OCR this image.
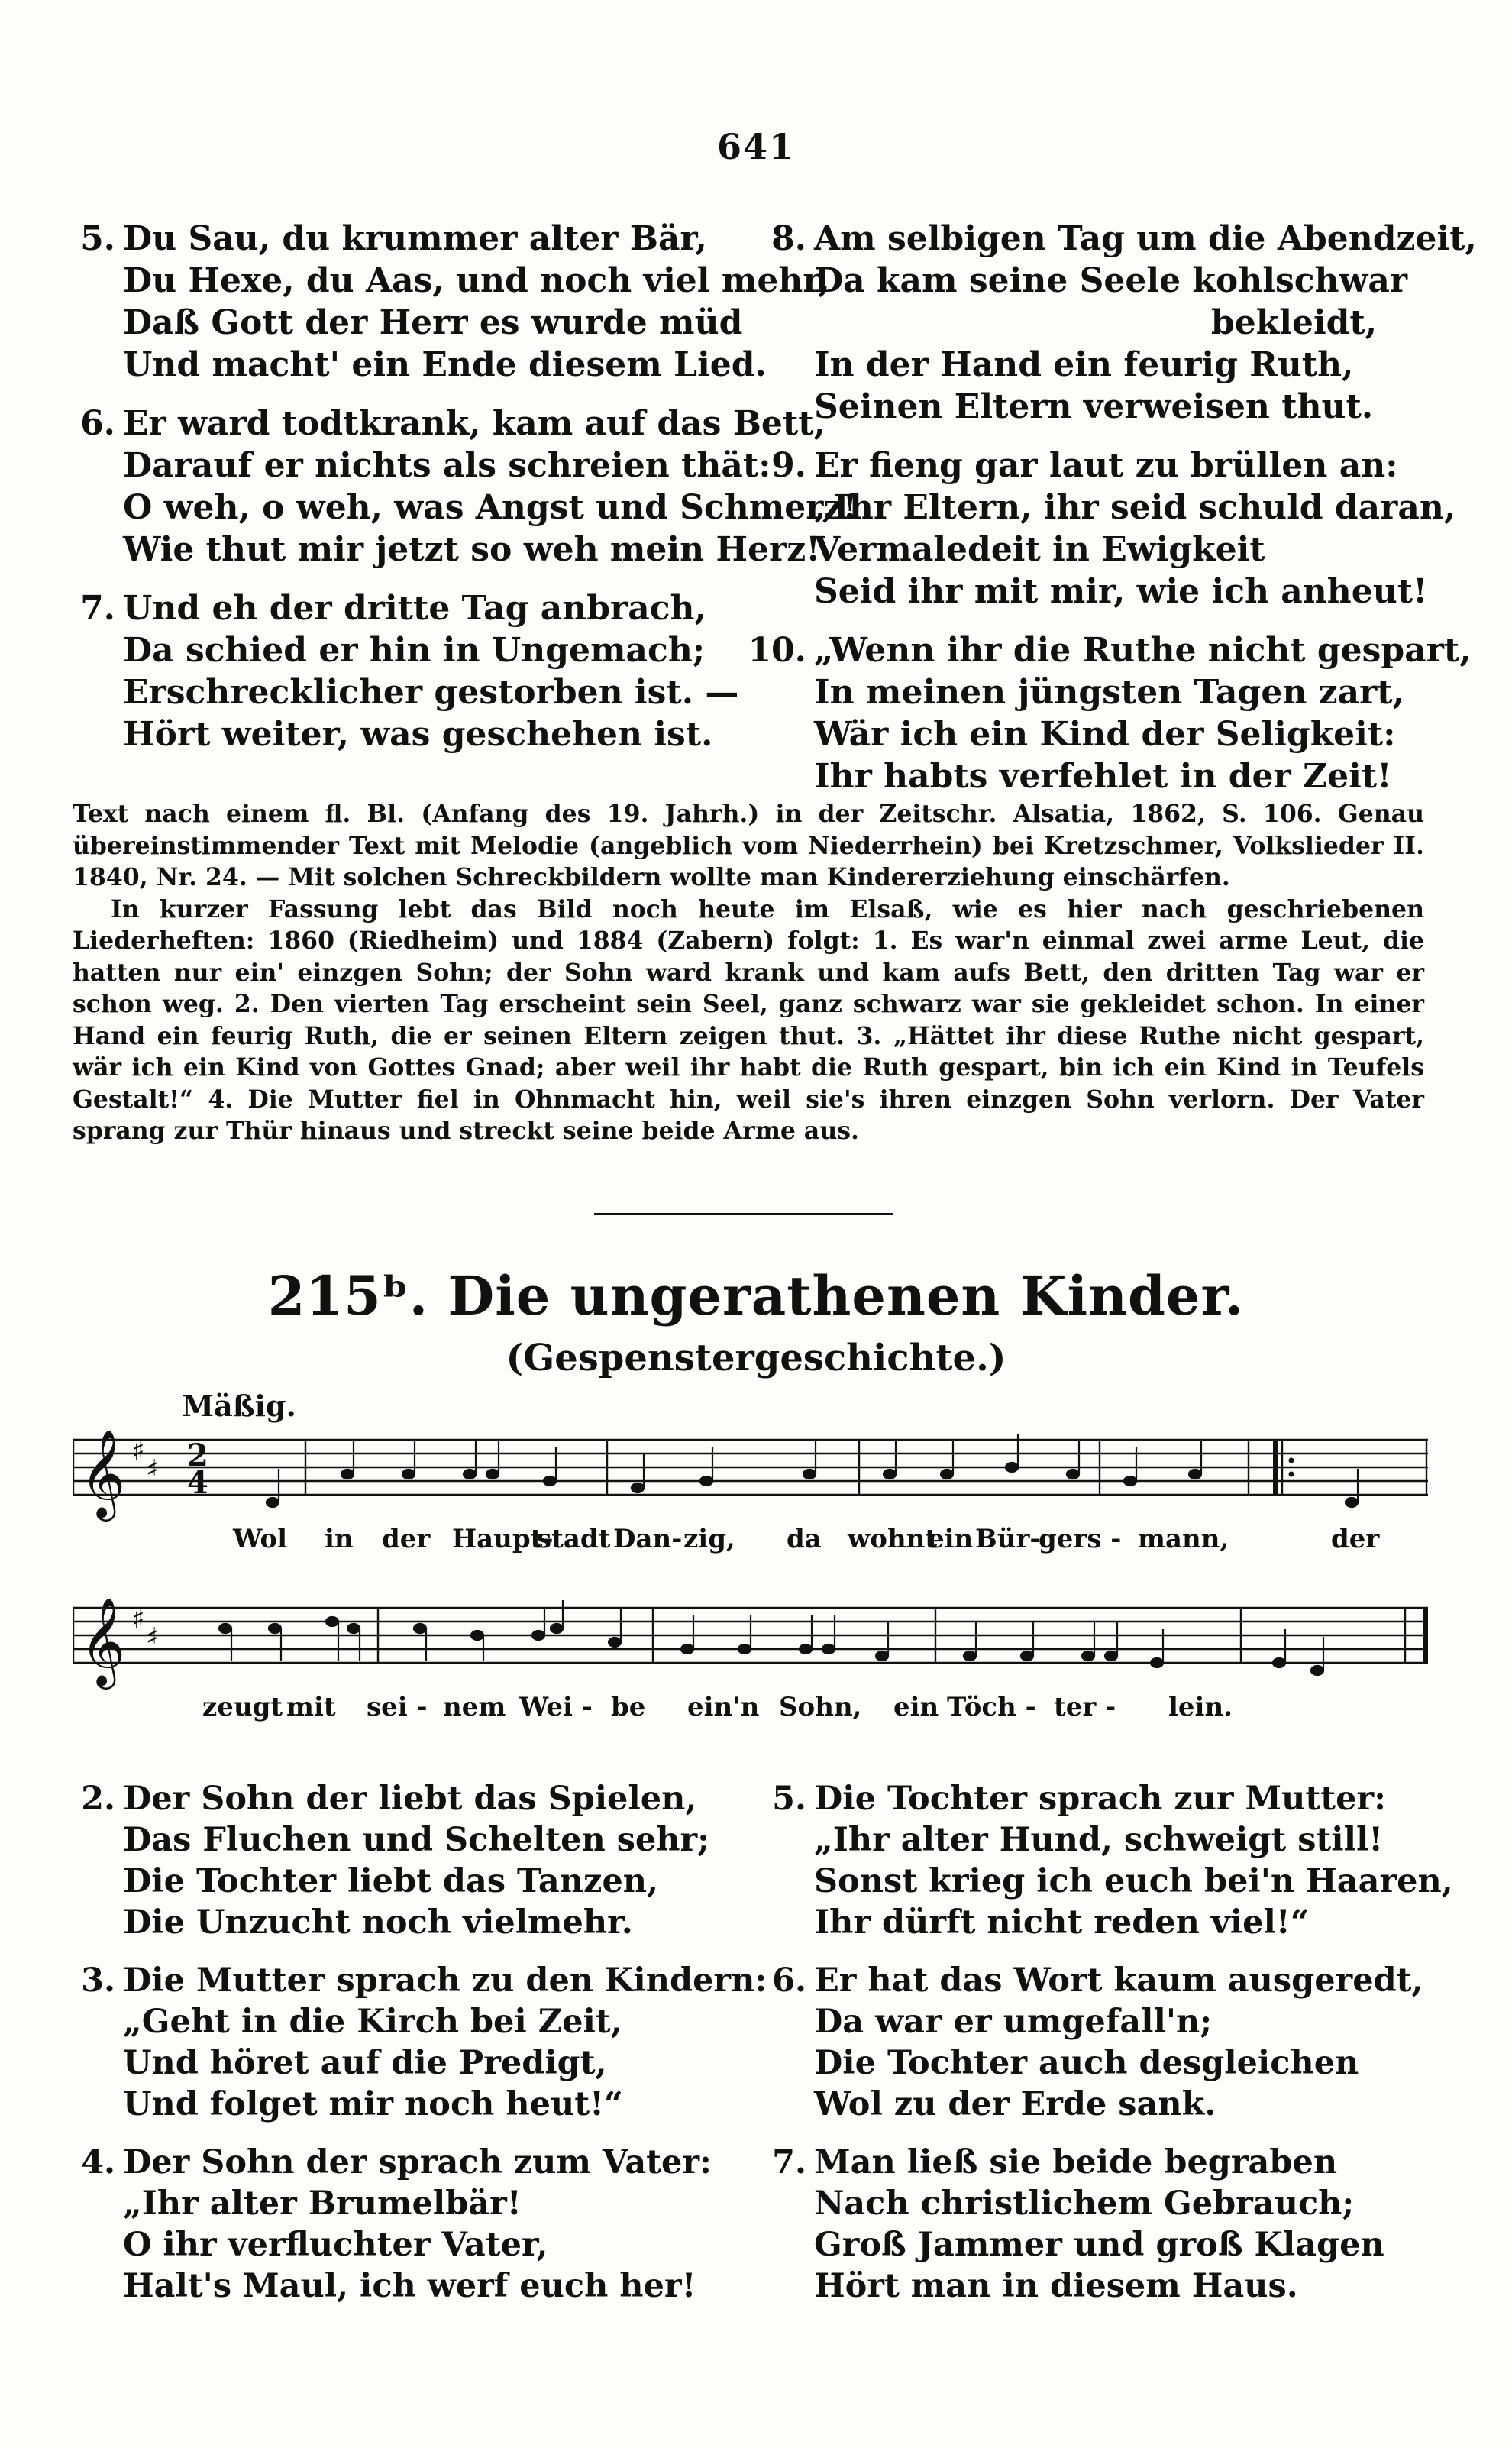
641
5. Du Sau, du krummer alter Bär,
Du Hexe, du Aas, und noch viel mehr,
Daß Gott der Herr es wurde müd
Und macht' ein Ende diesem Lied.
6. Er ward todtkrank, kam auf das Bett,
Darauf er nichts als schreien thät:
O weh, o weh, was Angst und Schmerz!
Wie thut mir jetzt so weh mein Herz!
7. Und eh der dritte Tag anbrach,
Da schied er hin in Ungemach;
Erschrecklicher gestorben ist. —
Hört weiter, was geschehen ist.
8. Am selbigen Tag um die Abendzeit,
Da kam seine Seele kohlschwar
bekleidt,
In der Hand ein feurig Ruth,
Seinen Eltern verweisen thut.
9. Er fieng gar laut zu brüllen an:
„Ihr Eltern, ihr seid schuld daran,
Vermaledeit in Ewigkeit
Seid ihr mit mir, wie ich anheut!
10. „Wenn ihr die Ruthe nicht gespart,
In meinen jüngsten Tagen zart,
Wär ich ein Kind der Seligkeit:
Ihr habts verfehlet in der Zeit!

Text nach einem fl. Bl. (Anfang des 19. Jahrh.) in der Zeitschr. Alsatia, 1862, S. 106. Genau übereinstimmender Text mit Melodie (angeblich vom Niederrhein) bei Kretzschmer, Volkslieder II. 1840, Nr. 24. — Mit solchen Schreckbildern wollte man Kindererziehung einschärfen.

In kurzer Fassung lebt das Bild noch heute im Elsaß, wie es hier nach geschriebenen Liederheften: 1860 (Riedheim) und 1884 (Zabern) folgt: 1. Es war'n einmal zwei arme Leut, die hatten nur ein' einzgen Sohn; der Sohn ward krank und kam aufs Bett, den dritten Tag war er schon weg. 2. Den vierten Tag erscheint sein Seel, ganz schwarz war sie gekleidet schon. In einer Hand ein feurig Ruth, die er seinen Eltern zeigen thut. 3. „Hättet ihr diese Ruthe nicht gespart, wär ich ein Kind von Gottes Gnad; aber weil ihr habt die Ruth gespart, bin ich ein Kind in Teufels Gestalt!“ 4. Die Mutter fiel in Ohnmacht hin, weil sie's ihren einzgen Sohn verlorn. Der Vater sprang zur Thür hinaus und streckt seine beide Arme aus.

215ᵇ. Die ungerathenen Kinder.
(Gespenstergeschichte.)
Mäßig.
𝄞 ♯
♯ 2
4
Wol in der Haupt-
stadt Dan- zig, da wohnt
ein Bür-
gers - mann,	der
𝄞 ♯
♯
zeugt mit sei - nem Wei - be ein'n Sohn, ein Töch - ter - lein.
2. Der Sohn der liebt das Spielen,
Das Fluchen und Schelten sehr;
Die Tochter liebt das Tanzen,
Die Unzucht noch vielmehr.
3. Die Mutter sprach zu den Kindern:
„Geht in die Kirch bei Zeit,
Und höret auf die Predigt,
Und folget mir noch heut!“
4. Der Sohn der sprach zum Vater:
„Ihr alter Brumelbär!
O ihr verfluchter Vater,
Halt's Maul, ich werf euch her!
5. Die Tochter sprach zur Mutter:
„Ihr alter Hund, schweigt still!
Sonst krieg ich euch bei'n Haaren,
Ihr dürft nicht reden viel!“
6. Er hat das Wort kaum ausgeredt,
Da war er umgefall'n;
Die Tochter auch desgleichen
Wol zu der Erde sank.
7. Man ließ sie beide begraben
Nach christlichem Gebrauch;
Groß Jammer und groß Klagen
Hört man in diesem Haus.
